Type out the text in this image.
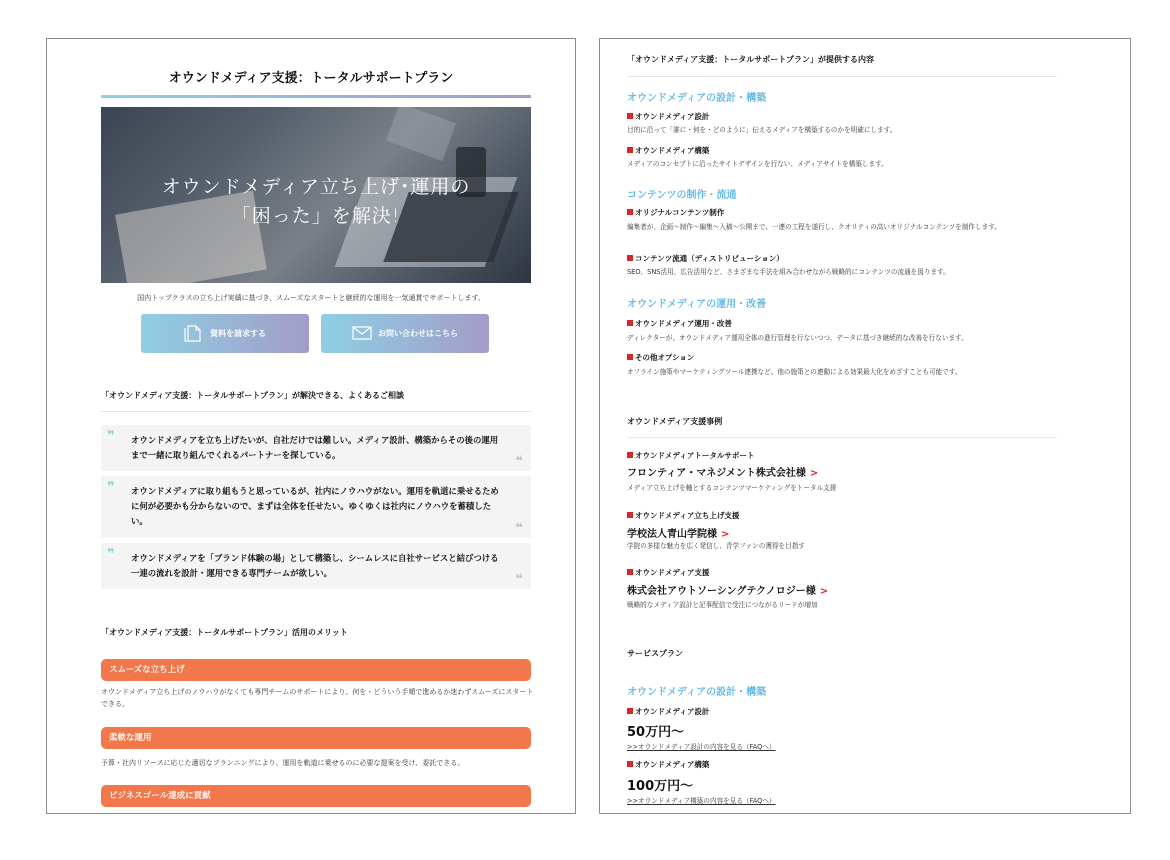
オウンドメディア支援：トータルサポートプラン
オウンドメディア立ち上げ･運用の
「困った」を解決!
国内トップクラスの立ち上げ実績に基づき、スムーズなスタートと継続的な運用を一気通貫でサポートします。
資料を請求する	お問い合わせはこちら
「オウンドメディア支援：トータルサポートプラン」が解決できる、よくあるご相談
❞ オウンドメディアを立ち上げたいが、自社だけでは難しい。メディア設計、構築からその後の運用まで一緒に取り組んでくれるパートナーを探している。	❝
❞ オウンドメディアに取り組もうと思っているが、社内にノウハウがない。運用を軌道に乗せるために何が必要かも分からないので、まずは全体を任せたい。ゆくゆくは社内にノウハウを蓄積したい。	❝
❞ オウンドメディアを「ブランド体験の場」として構築し、シームレスに自社サービスと結びつける一連の流れを設計・運用できる専門チームが欲しい。	❝
「オウンドメディア支援：トータルサポートプラン」活用のメリット
スムーズな立ち上げ
オウンドメディア立ち上げのノウハウがなくても専門チームのサポートにより、何を・どういう手順で進めるか迷わずスムーズにスタートできる。
柔軟な運用
予算・社内リソースに応じた適切なプランニングにより、運用を軌道に乗せるのに必要な提案を受け、委託できる。
ビジネスゴール達成に貢献
「オウンドメディア支援：トータルサポートプラン」が提供する内容
オウンドメディアの設計・構築
オウンドメディア設計
目的に沿って「誰に・何を・どのように」伝えるメディアを構築するのかを明確にします。
オウンドメディア構築
メディアのコンセプトに沿ったサイトデザインを行ない、メディアサイトを構築します。
コンテンツの制作・流通
オリジナルコンテンツ制作
編集者が、企画〜制作〜編集〜入稿〜公開まで、一連の工程を遂行し、クオリティの高いオリジナルコンテンツを制作します。
コンテンツ流通（ディストリビューション）
SEO、SNS活用、広告活用など、さまざまな手法を組み合わせながら戦略的にコンテンツの流通を図ります。
オウンドメディアの運用・改善
オウンドメディア運用・改善
ディレクターが、オウンドメディア運用全体の進行管理を行ないつつ、データに基づき継続的な改善を行ないます。
その他オプション
オフライン施策やマーケティングツール連携など、他の施策との連動による効果最大化をめざすことも可能です。
オウンドメディア支援事例
オウンドメディアトータルサポート
フロンティア・マネジメント株式会社様 >
メディア立ち上げを軸とするコンテンツマーケティングをトータル支援
オウンドメディア立ち上げ支援
学校法人青山学院様 >
学院の多様な魅力を広く発信し、青学ファンの獲得を目指す
オウンドメディア支援
株式会社アウトソーシングテクノロジー様 >
戦略的なメディア設計と記事配信で受注につながるリードが増加
サービスプラン
オウンドメディアの設計・構築
オウンドメディア設計
50万円〜
>>オウンドメディア設計の内容を見る（FAQへ）
オウンドメディア構築
100万円〜
>>オウンドメディア構築の内容を見る（FAQへ）
